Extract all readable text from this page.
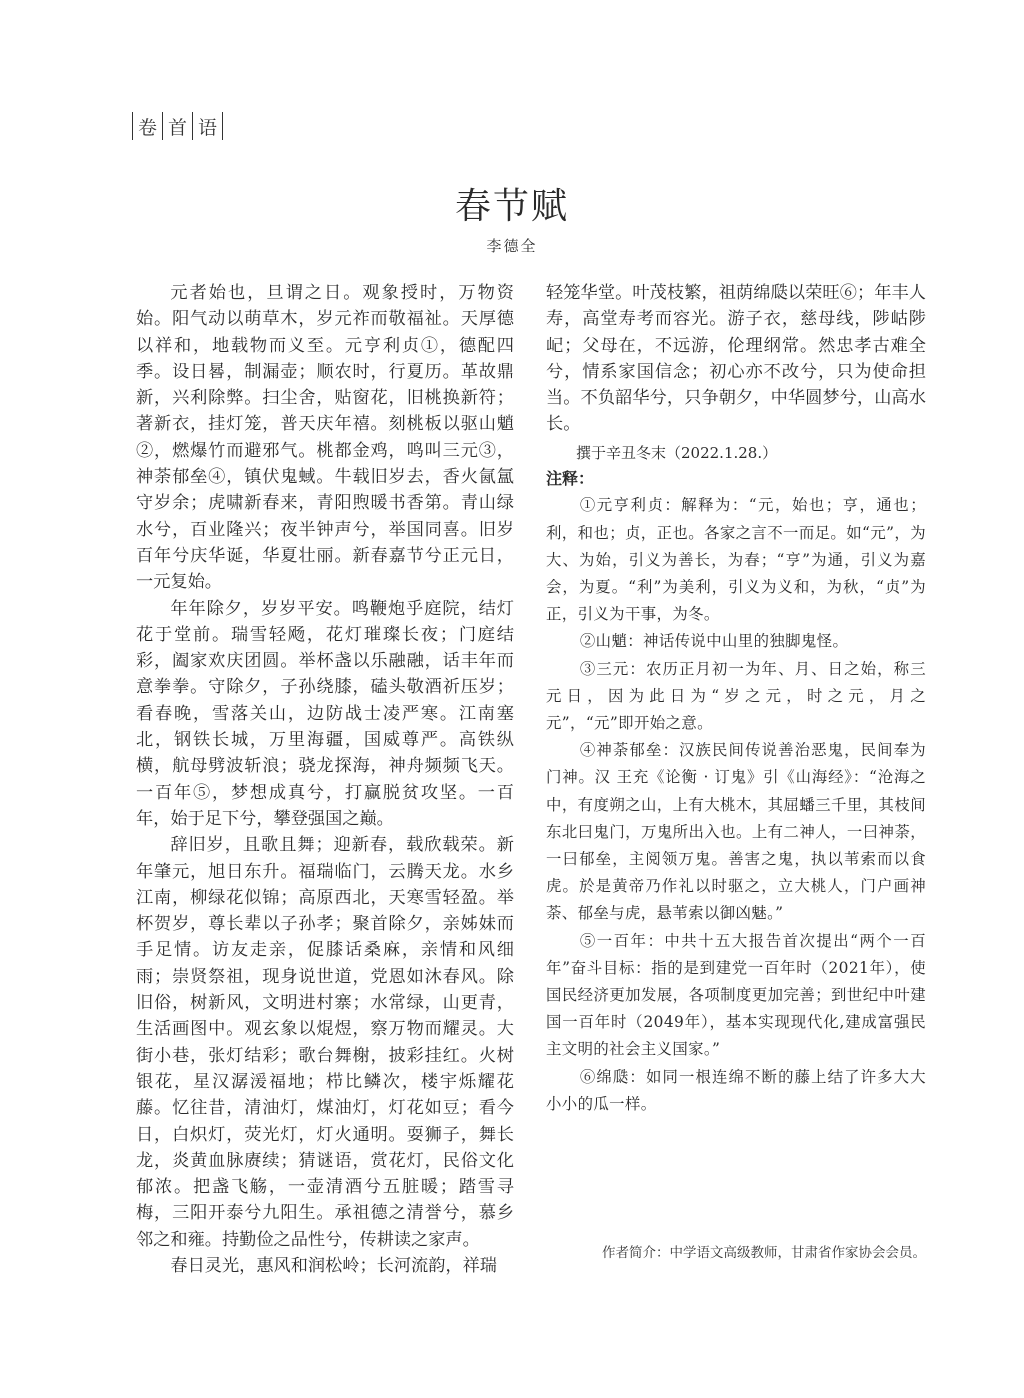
卷 首 语
春节赋
李德全

元者始也，旦谓之日。观象授时，万物资始。阳气动以萌草木，岁元祚而敬福祉。天厚德以祥和，地载物而义至。元亨利贞①，德配四季。设日晷，制漏壶；顺农时，行夏历。革故鼎新，兴利除弊。扫尘舍，贴窗花，旧桃换新符；著新衣，挂灯笼，普天庆年禧。刻桃板以驱山魈②，燃爆竹而避邪气。桃都金鸡，鸣叫三元③，神荼郁垒④，镇伏鬼蜮。牛载旧岁去，香火氤氲守岁余；虎啸新春来，青阳煦暖书香第。青山绿水兮，百业隆兴；夜半钟声兮，举国同喜。旧岁百年兮庆华诞，华夏壮丽。新春嘉节兮正元日，一元复始。

年年除夕，岁岁平安。鸣鞭炮乎庭院，结灯花于堂前。瑞雪轻飏，花灯璀璨长夜；门庭结彩，阖家欢庆团圆。举杯盏以乐融融，话丰年而意拳拳。守除夕，子孙绕膝，磕头敬酒祈压岁；看春晚，雪落关山，边防战士凌严寒。江南塞北，钢铁长城，万里海疆，国威尊严。高铁纵横，航母劈波斩浪；骁龙探海，神舟频频飞天。一百年⑤，梦想成真兮，打赢脱贫攻坚。一百年，始于足下兮，攀登强国之巅。

辞旧岁，且歌且舞；迎新春，载欣载荣。新年肇元，旭日东升。福瑞临门，云腾天龙。水乡江南，柳绿花似锦；高原西北，天寒雪轻盈。举杯贺岁，尊长辈以子孙孝；聚首除夕，亲姊妹而手足情。访友走亲，促膝话桑麻，亲情和风细雨；崇贤祭祖，现身说世道，党恩如沐春风。除旧俗，树新风，文明进村寨；水常绿，山更青，生活画图中。观玄象以焜煜，察万物而耀灵。大街小巷，张灯结彩；歌台舞榭，披彩挂红。火树银花，星汉潺湲福地；栉比鳞次，楼宇烁耀花藤。忆往昔，清油灯，煤油灯，灯花如豆；看今日，白炽灯，荧光灯，灯火通明。耍狮子，舞长龙，炎黄血脉赓续；猜谜语，赏花灯，民俗文化郁浓。把盏飞觞，一壶清酒兮五脏暖；踏雪寻梅，三阳开泰兮九阳生。承祖德之清誉兮，慕乡邻之和雍。持勤俭之品性兮，传耕读之家声。

春日灵光，惠风和润松岭；长河流韵，祥瑞

轻笼华堂。叶茂枝繁，祖荫绵瓞以荣旺⑥；年丰人寿，高堂寿考而容光。游子衣，慈母线，陟岵陟屺；父母在，不远游，伦理纲常。然忠孝古难全兮，情系家国信念；初心亦不改兮，只为使命担当。不负韶华兮，只争朝夕，中华圆梦兮，山高水长。

撰于辛丑冬末（2022.1.28.）

注释：

①元亨利贞：解释为：“元，始也；亨，通也；利，和也；贞，正也。各家之言不一而足。如“元”，为大、为始，引义为善长，为春；“亨”为通，引义为嘉会，为夏。“利”为美利，引义为义和，为秋，“贞”为正，引义为干事，为冬。

②山魈：神话传说中山里的独脚鬼怪。

③三元：农历正月初一为年、月、日之始，称三元日，因为此日为“岁之元，时之元，月之元”，“元”即开始之意。

④神荼郁垒：汉族民间传说善治恶鬼，民间奉为门神。汉 王充《论衡 · 订鬼》引《山海经》：“沧海之中，有度朔之山，上有大桃木，其屈蟠三千里，其枝间东北曰鬼门，万鬼所出入也。上有二神人，一曰神荼，一曰郁垒，主阅领万鬼。善害之鬼，执以苇索而以食虎。於是黄帝乃作礼以时驱之，立大桃人，门户画神荼、郁垒与虎，悬苇索以御凶魅。”

⑤一百年：中共十五大报告首次提出“两个一百年”奋斗目标：指的是到建党一百年时（2021年），使国民经济更加发展，各项制度更加完善；到世纪中叶建国一百年时（2049年），基本实现现代化,建成富强民主文明的社会主义国家。”

⑥绵瓞：如同一根连绵不断的藤上结了许多大大小小的瓜一样。

作者简介：中学语文高级教师，甘肃省作家协会会员。
